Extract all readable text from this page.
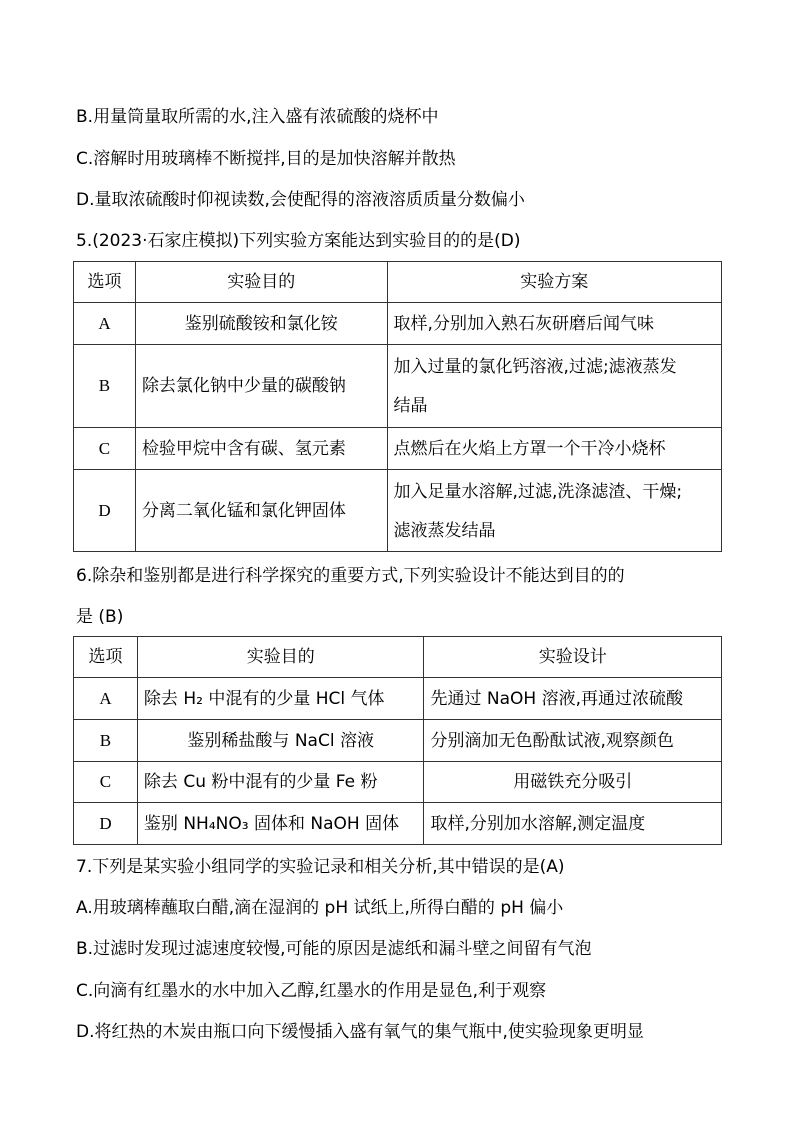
B.用量筒量取所需的水,注入盛有浓硫酸的烧杯中
C.溶解时用玻璃棒不断搅拌,目的是加快溶解并散热
D.量取浓硫酸时仰视读数,会使配得的溶液溶质质量分数偏小
5.(2023·石家庄模拟)下列实验方案能达到实验目的的是(D)
选项	实验目的	实验方案
A	鉴别硫酸铵和氯化铵	取样,分别加入熟石灰研磨后闻气味
B	除去氯化钠中少量的碳酸钠	加入过量的氯化钙溶液,过滤;滤液蒸发
结晶

C	检验甲烷中含有碳、氢元素	点燃后在火焰上方罩一个干冷小烧杯
D	分离二氧化锰和氯化钾固体	加入足量水溶解,过滤,洗涤滤渣、干燥;
滤液蒸发结晶
6.除杂和鉴别都是进行科学探究的重要方式,下列实验设计不能达到目的的
是 (B)
选项	实验目的	实验设计
A	除去 H₂ 中混有的少量 HCl 气体	先通过 NaOH 溶液,再通过浓硫酸
B	鉴别稀盐酸与 NaCl 溶液	分别滴加无色酚酞试液,观察颜色
C	除去 Cu 粉中混有的少量 Fe 粉	用磁铁充分吸引
D	鉴别 NH₄NO₃ 固体和 NaOH 固体	取样,分别加水溶解,测定温度
7.下列是某实验小组同学的实验记录和相关分析,其中错误的是(A)
A.用玻璃棒蘸取白醋,滴在湿润的 pH 试纸上,所得白醋的 pH 偏小
B.过滤时发现过滤速度较慢,可能的原因是滤纸和漏斗壁之间留有气泡
C.向滴有红墨水的水中加入乙醇,红墨水的作用是显色,利于观察
D.将红热的木炭由瓶口向下缓慢插入盛有氧气的集气瓶中,使实验现象更明显
